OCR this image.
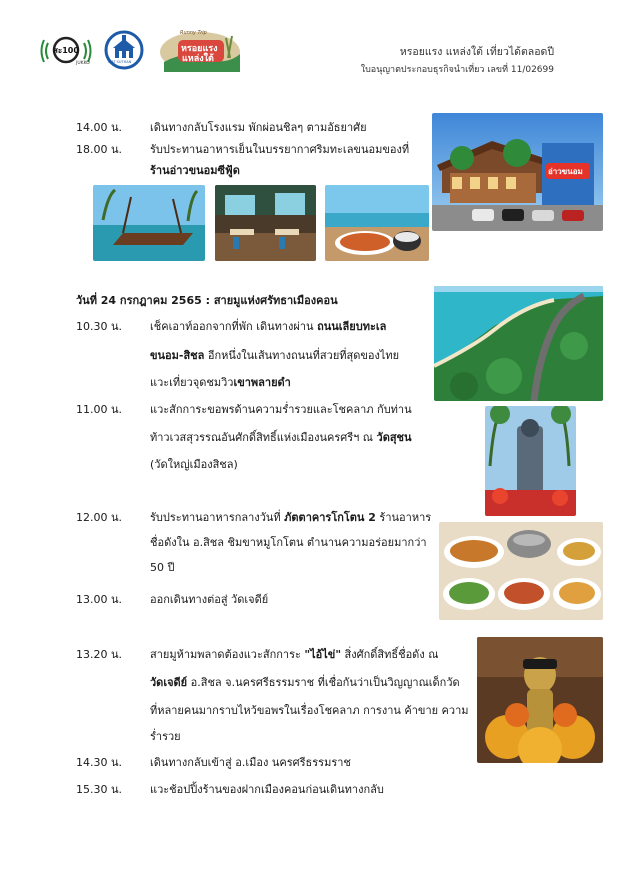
สะ100
JUKKO	WAT SUTHAN
Runny Trip
หรอยแรง
แหล่งใต้
หรอยแรง แหล่งใต้ เที่ยวได้ตลอดปี
ใบอนุญาตประกอบธุรกิจนำเที่ยว เลขที่ 11/02699
14.00 น.	เดินทางกลับโรงแรม พักผ่อนชิลๆ ตามอัธยาศัย
18.00 น.	รับประทานอาหารเย็นในบรรยากาศริมทะเลขนอมของที่
ร้านอ่าวขนอมซีฟู้ด	อ่าวขนอม
วันที่ 24 กรกฎาคม 2565 : สายมูแห่งศรัทธาเมืองคอน
10.30 น.	เช็คเอาท์ออกจากที่พัก เดินทางผ่าน ถนนเลียบทะเล
ขนอม-สิชล อีกหนึ่งในเส้นทางถนนที่สวยที่สุดของไทย
แวะเที่ยวจุดชมวิวเขาพลายดำ
11.00 น.	แวะสักการะขอพรด้านความร่ำรวยและโชคลาภ กับท่าน
ท้าวเวสสุวรรณอันศักดิ์สิทธิ์แห่งเมืองนครศรีฯ ณ วัดสุชน
(วัดใหญ่เมืองสิชล)
12.00 น.	รับประทานอาหารกลางวันที่ ภัตตาคารโกโตน 2 ร้านอาหาร
ชื่อดังใน อ.สิชล ชิมขาหมูโกโตน ตำนานความอร่อยมากว่า
50 ปี
13.00 น.	ออกเดินทางต่อสู่ วัดเจดีย์
13.20 น.	สายมูห้ามพลาดต้องแวะสักการะ "ไอ้ไข่" สิ่งศักดิ์สิทธิ์ชื่อดัง ณ
วัดเจดีย์ อ.สิชล จ.นครศรีธรรมราช ที่เชื่อกันว่าเป็นวิญญาณเด็กวัด
ที่หลายคนมากราบไหว้ขอพรในเรื่องโชคลาภ การงาน ค้าขาย ความ
ร่ำรวย
14.30 น.	เดินทางกลับเข้าสู่ อ.เมือง นครศรีธรรมราช
15.30 น.	แวะช้อปปิ้งร้านของฝากเมืองคอนก่อนเดินทางกลับ
